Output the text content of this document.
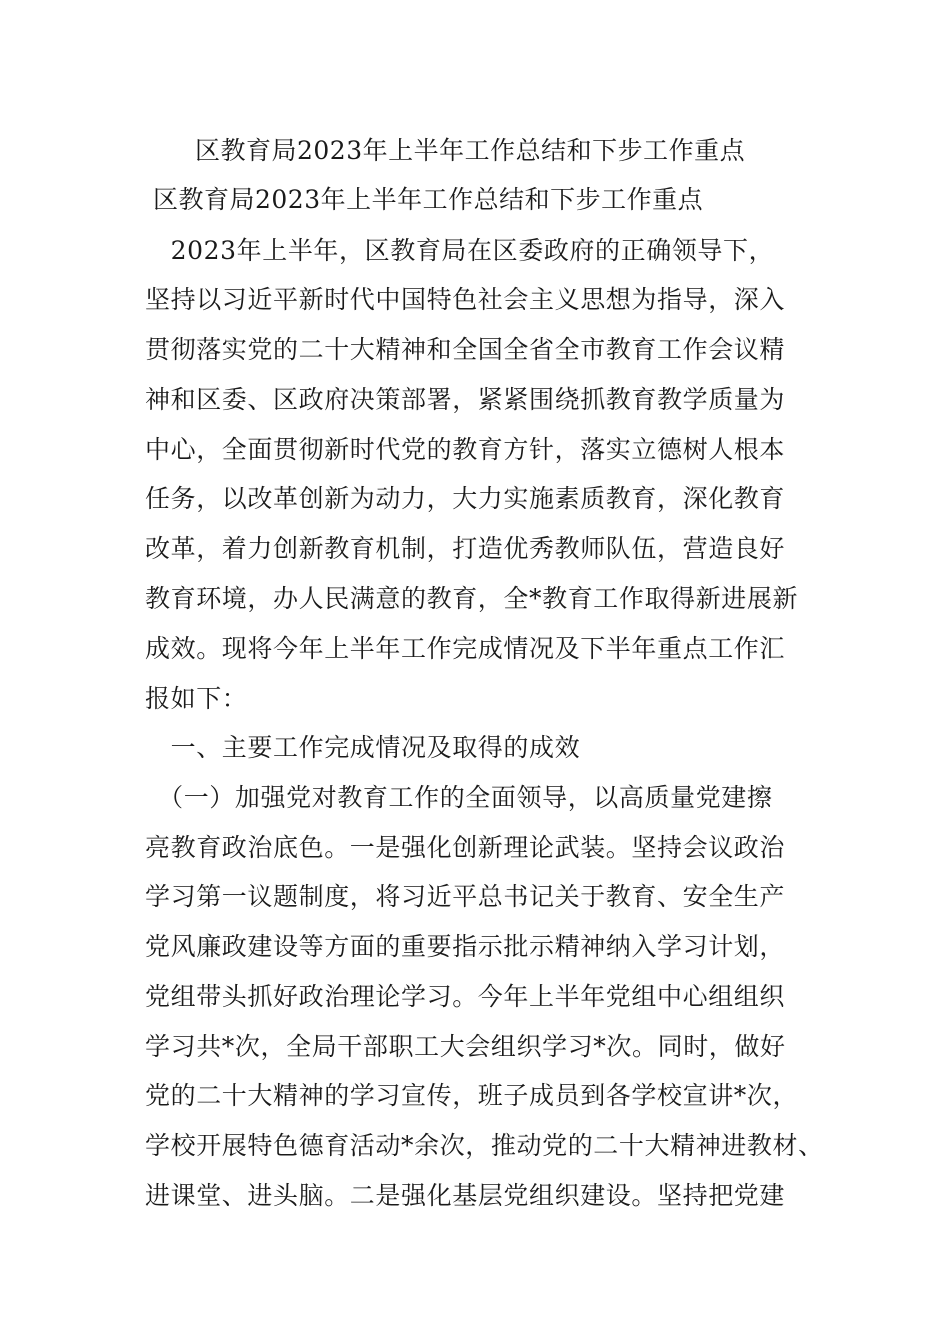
区教育局2023年上半年工作总结和下步工作重点
区教育局2023年上半年工作总结和下步工作重点
　2023年上半年，区教育局在区委政府的正确领导下，
坚持以习近平新时代中国特色社会主义思想为指导，深入
贯彻落实党的二十大精神和全国全省全市教育工作会议精
神和区委、区政府决策部署，紧紧围绕抓教育教学质量为
中心，全面贯彻新时代党的教育方针，落实立德树人根本
任务，以改革创新为动力，大力实施素质教育，深化教育
改革，着力创新教育机制，打造优秀教师队伍，营造良好
教育环境，办人民满意的教育，全*教育工作取得新进展新
成效。现将今年上半年工作完成情况及下半年重点工作汇
报如下：
　一、主要工作完成情况及取得的成效
　（一）加强党对教育工作的全面领导，以高质量党建擦
亮教育政治底色。一是强化创新理论武装。坚持会议政治
学习第一议题制度，将习近平总书记关于教育、安全生产
党风廉政建设等方面的重要指示批示精神纳入学习计划，
党组带头抓好政治理论学习。今年上半年党组中心组组织
学习共*次，全局干部职工大会组织学习*次。同时，做好
党的二十大精神的学习宣传，班子成员到各学校宣讲*次，
学校开展特色德育活动*余次，推动党的二十大精神进教材、
进课堂、进头脑。二是强化基层党组织建设。坚持把党建
